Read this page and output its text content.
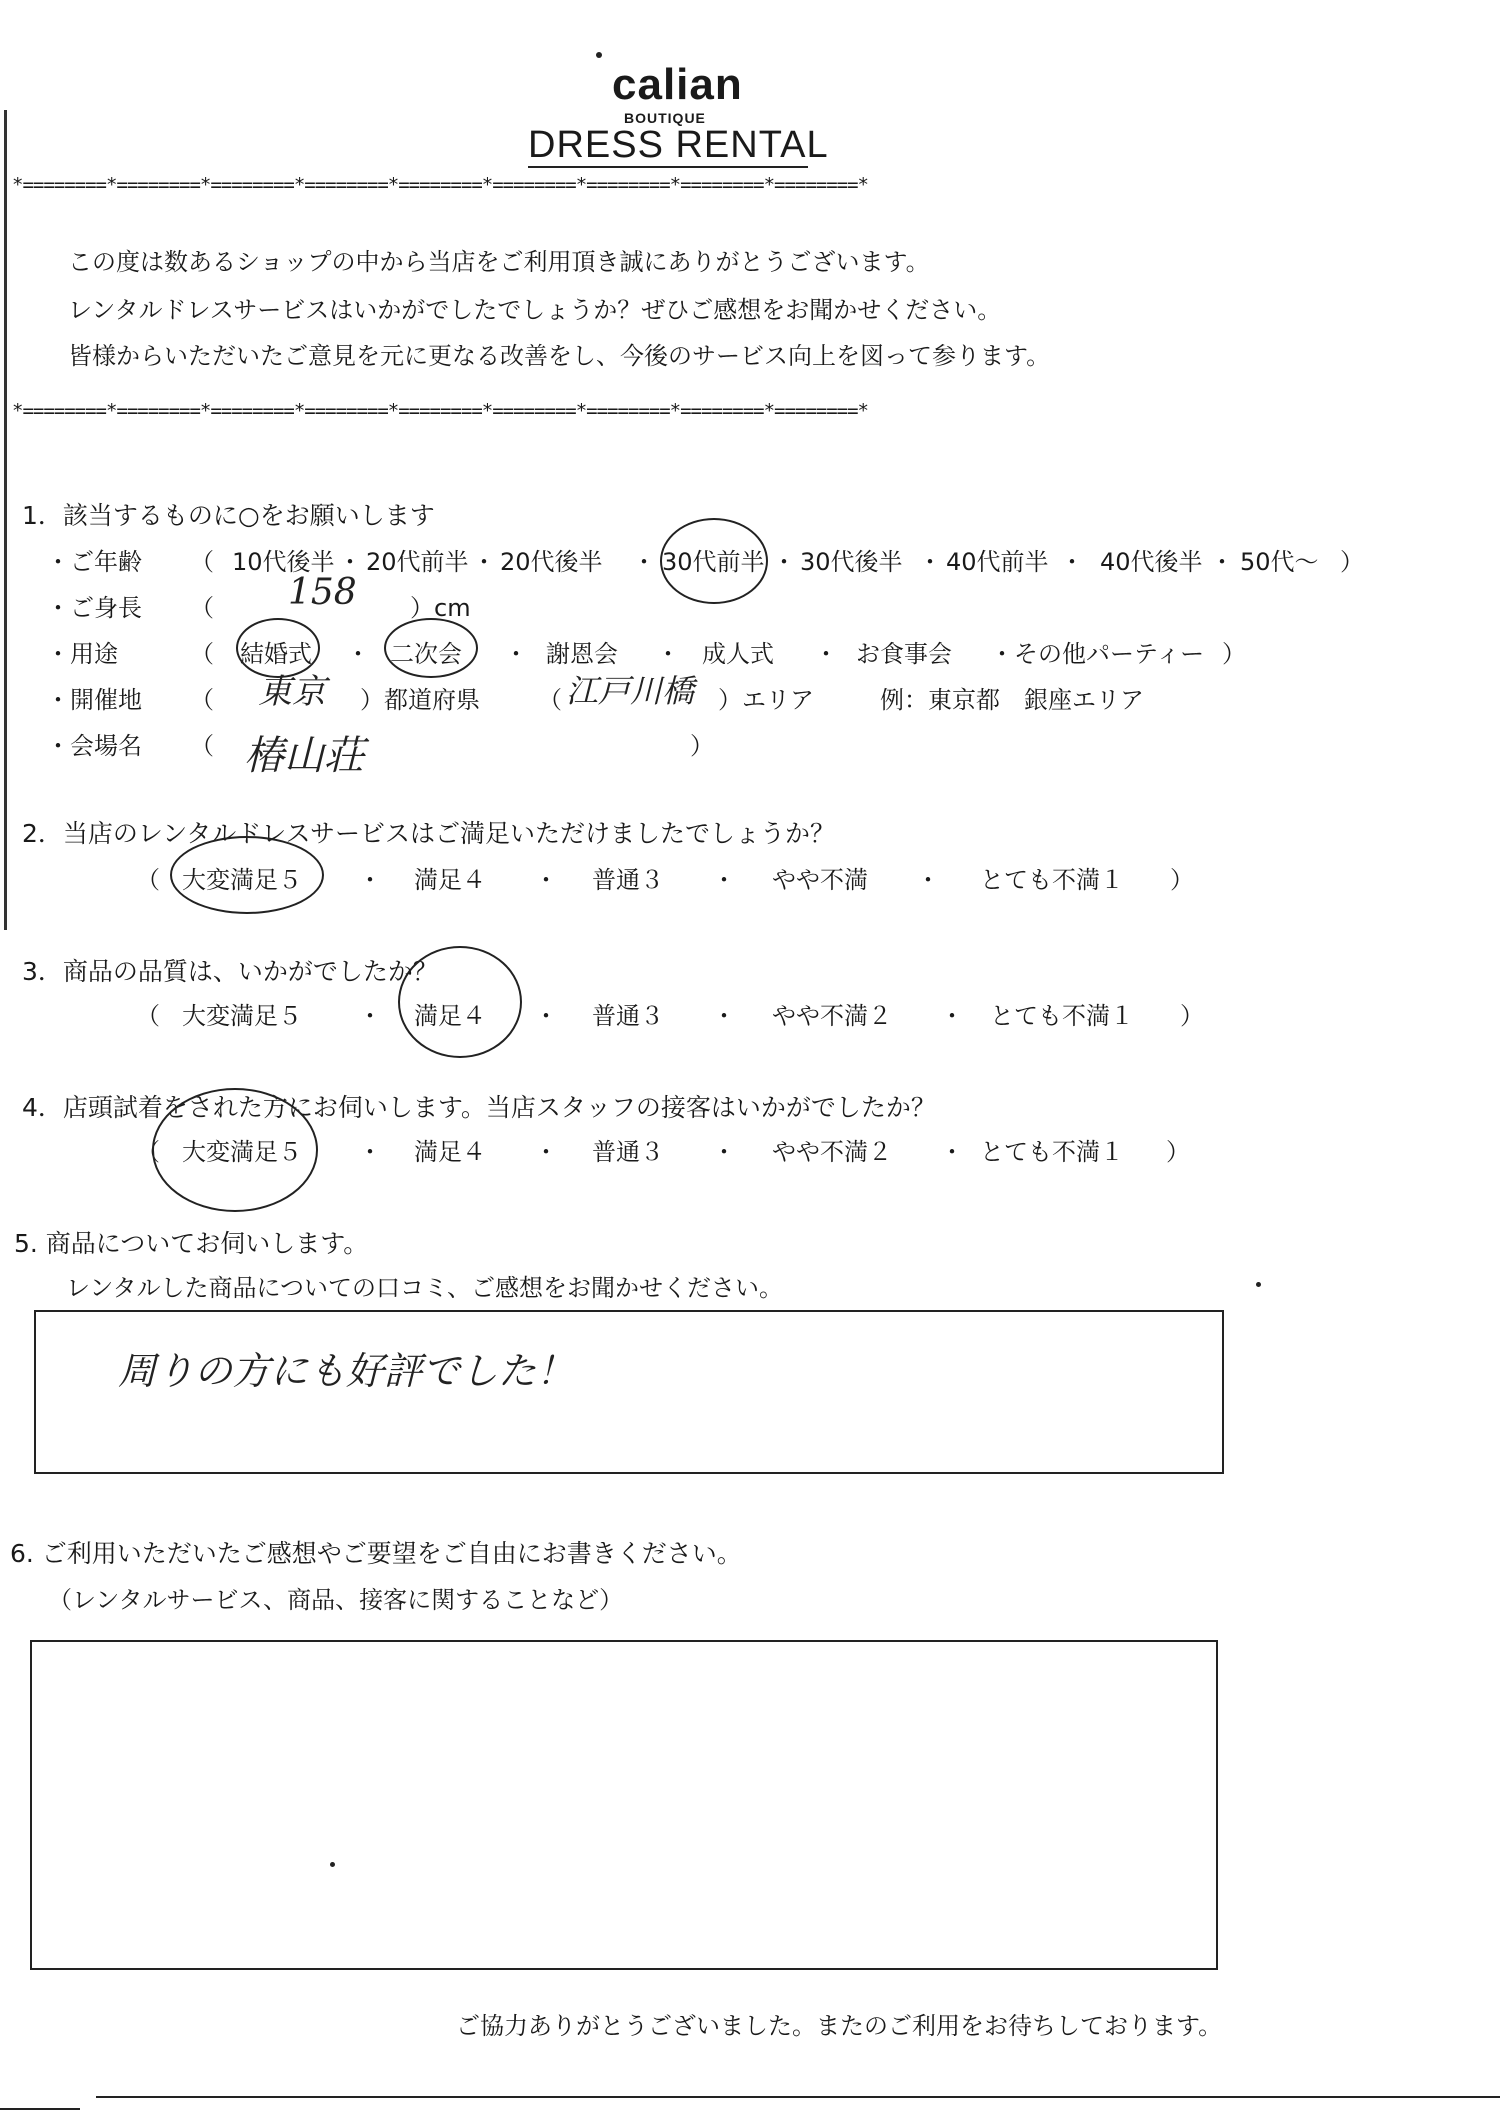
calian
BOUTIQUE
DRESS RENTAL
*========*========*========*========*========*========*========*========*========*
この度は数あるショップの中から当店をご利用頂き誠にありがとうございます。
レンタルドレスサービスはいかがでしたでしょうか？ぜひご感想をお聞かせください。
皆様からいただいたご意見を元に更なる改善をし、今後のサービス向上を図って参ります。
*========*========*========*========*========*========*========*========*========*
1．該当するものに○をお願いします
・ご年齢 （ 10代後半 ・ 20代前半 ・ 20代後半 ・ 30代前半 ・ 30代後半 ・ 40代前半 ・ 40代後半 ・ 50代～ ）
・ご身長 （ 158 ）cm
・用途	（ 結婚式 ・ 二次会 ・ 謝恩会 ・ 成人式 ・ お食事会 ・ その他パーティー ）
・開催地 （ 東京 ）都道府県 （ 江戸川橋 ）エリア	例：東京都　銀座エリア
・会場名 （ 椿山荘	）
2．当店のレンタルドレスサービスはご満足いただけましたでしょうか？
（ 大変満足５ ・ 満足４ ・ 普通３ ・ やや不満 ・ とても不満１ ）
3．商品の品質は、いかがでしたか？
（ 大変満足５ ・ 満足４ ・ 普通３ ・ やや不満２ ・ とても不満１ ）
4．店頭試着をされた方にお伺いします。当店スタッフの接客はいかがでしたか？
（ 大変満足５ ・ 満足４ ・ 普通３ ・ やや不満２ ・ とても不満１ ）
5. 商品についてお伺いします。
レンタルした商品についての口コミ、ご感想をお聞かせください。
周りの方にも好評でした！
6. ご利用いただいたご感想やご要望をご自由にお書きください。
（レンタルサービス、商品、接客に関することなど）
ご協力ありがとうございました。またのご利用をお待ちしております。
